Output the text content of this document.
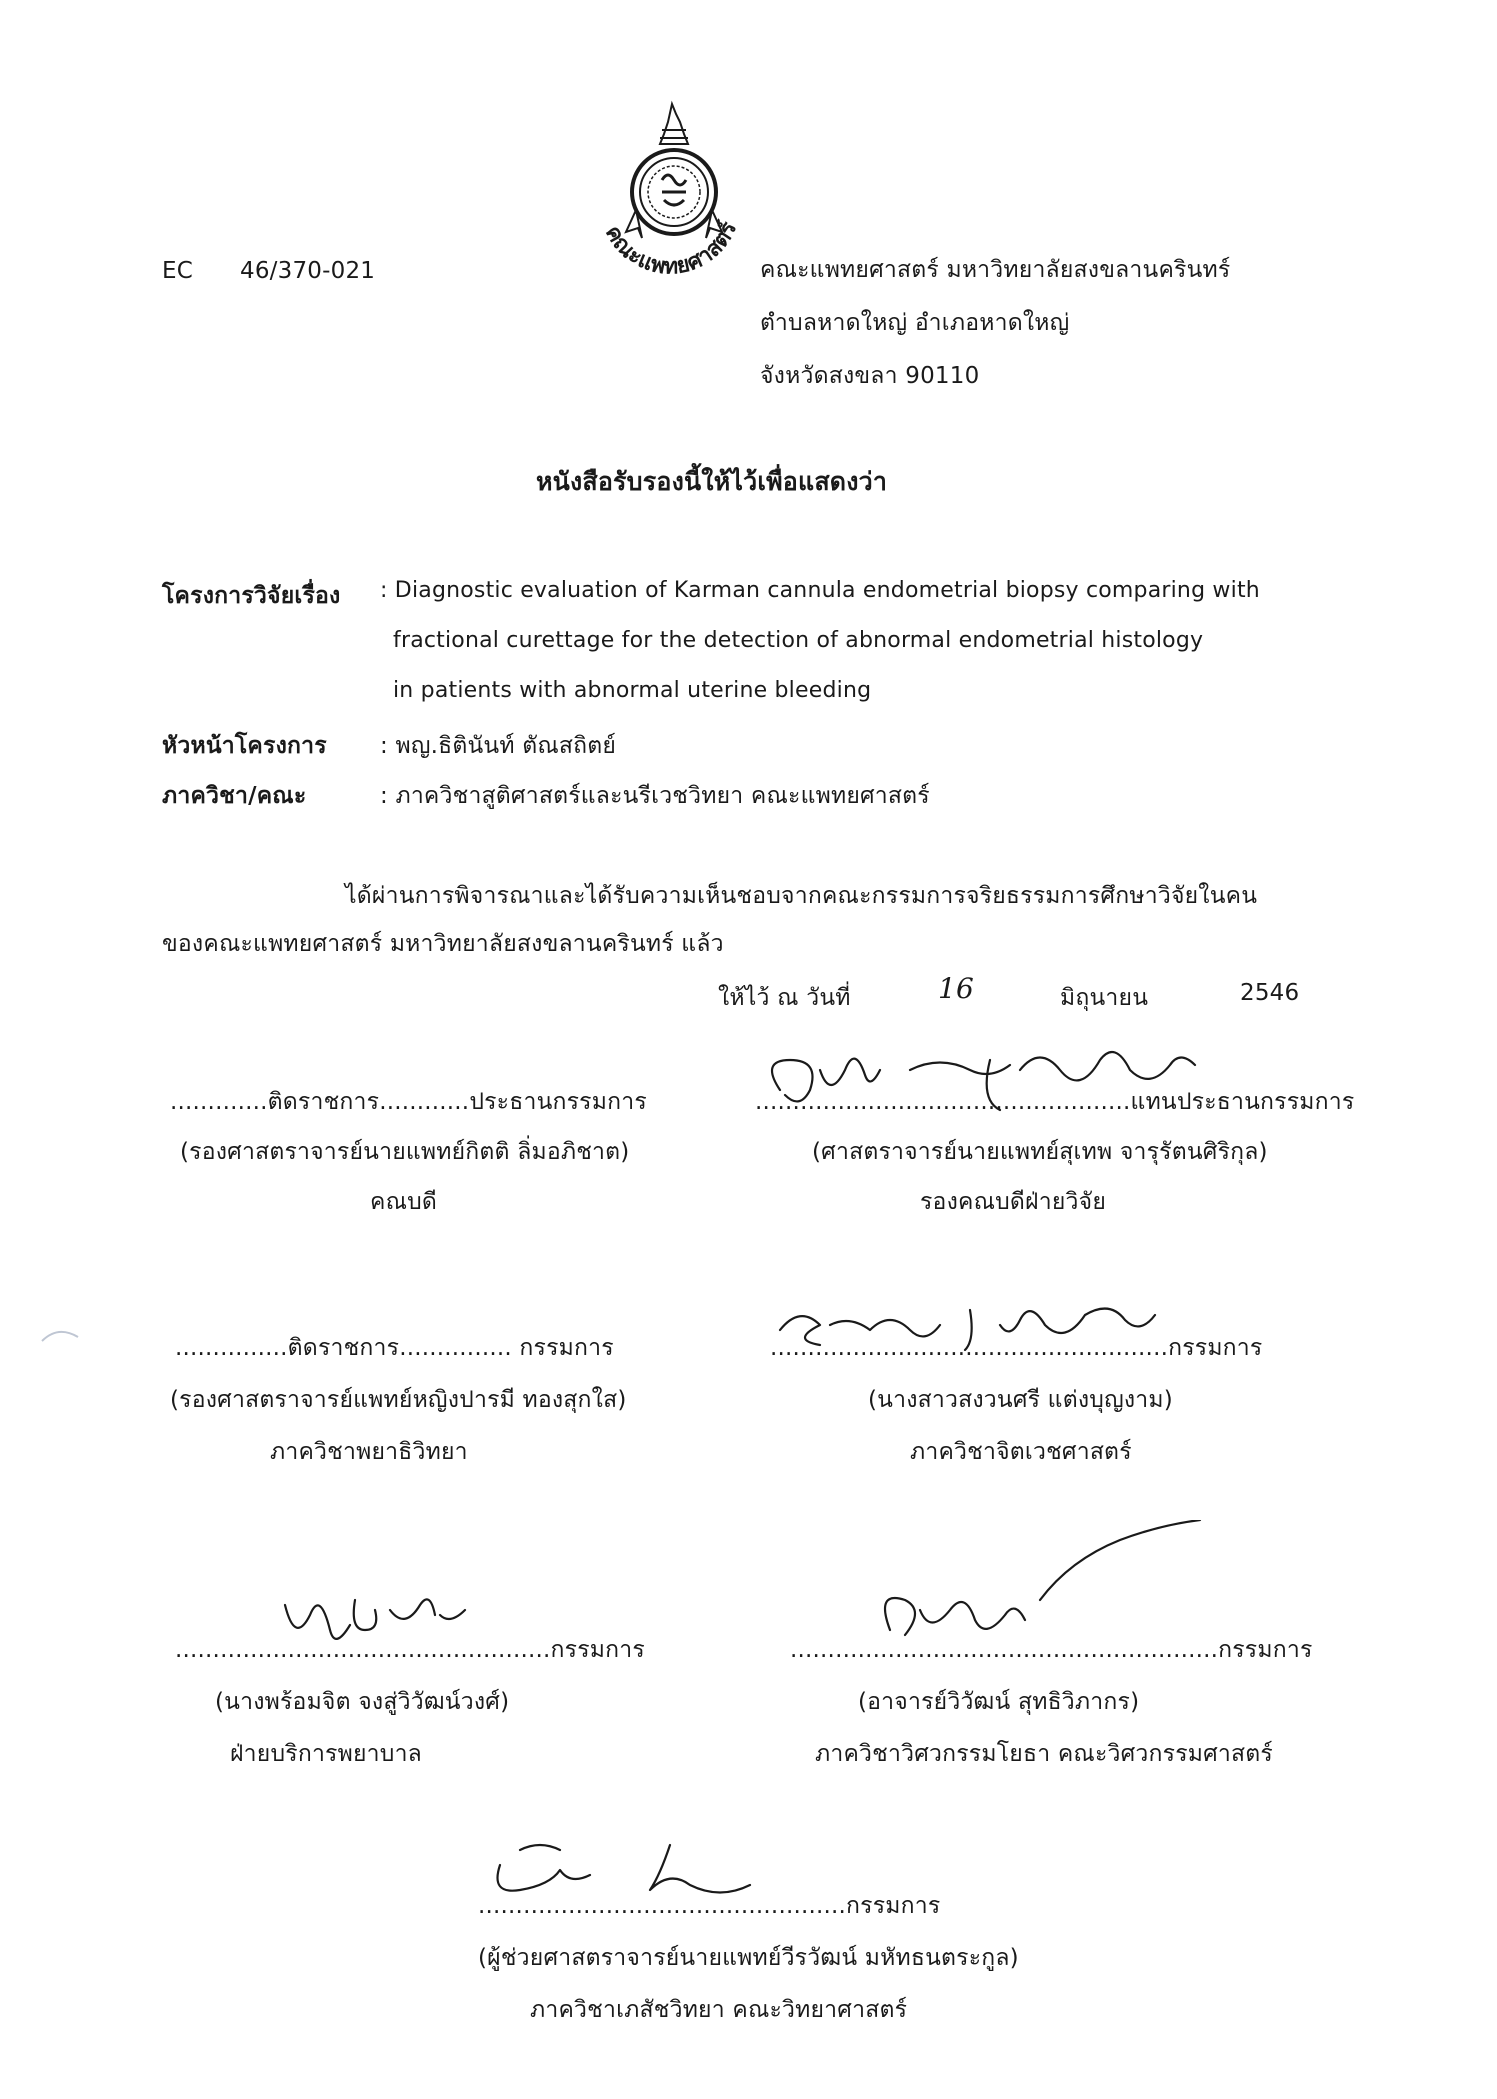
EC 46/370-021
คณะแพทยศาสตร์
คณะแพทยศาสตร์ มหาวิทยาลัยสงขลานครินทร์
ตำบลหาดใหญ่ อำเภอหาดใหญ่
จังหวัดสงขลา 90110
หนังสือรับรองนี้ให้ไว้เพื่อแสดงว่า
โครงการวิจัยเรื่อง : Diagnostic evaluation of Karman cannula endometrial biopsy comparing with
fractional curettage for the detection of abnormal endometrial histology
in patients with abnormal uterine bleeding
หัวหน้าโครงการ : พญ.ธิตินันท์ ตัณสถิตย์
ภาควิชา/คณะ	: ภาควิชาสูติศาสตร์และนรีเวชวิทยา คณะแพทยศาสตร์
ได้ผ่านการพิจารณาและได้รับความเห็นชอบจากคณะกรรมการจริยธรรมการศึกษาวิจัยในคน
ของคณะแพทยศาสตร์ มหาวิทยาลัยสงขลานครินทร์ แล้ว
ให้ไว้ ณ วันที่	16	มิถุนายน	2546
.............ติดราชการ............ประธานกรรมการ
(รองศาสตราจารย์นายแพทย์กิตติ ลิ่มอภิชาต)
คณบดี
..................................................แทนประธานกรรมการ
(ศาสตราจารย์นายแพทย์สุเทพ จารุรัตนศิริกุล)
รองคณบดีฝ่ายวิจัย
...............ติดราชการ............... กรรมการ
(รองศาสตราจารย์แพทย์หญิงปารมี ทองสุกใส)
ภาควิชาพยาธิวิทยา
.....................................................กรรมการ
(นางสาวสงวนศรี แต่งบุญงาม)
ภาควิชาจิตเวชศาสตร์
..................................................กรรมการ
(นางพร้อมจิต จงสู่วิวัฒน์วงศ์)
ฝ่ายบริการพยาบาล
.........................................................กรรมการ
(อาจารย์วิวัฒน์ สุทธิวิภากร)
ภาควิชาวิศวกรรมโยธา คณะวิศวกรรมศาสตร์
.................................................กรรมการ
(ผู้ช่วยศาสตราจารย์นายแพทย์วีรวัฒน์ มหัทธนตระกูล)
ภาควิชาเภสัชวิทยา คณะวิทยาศาสตร์
